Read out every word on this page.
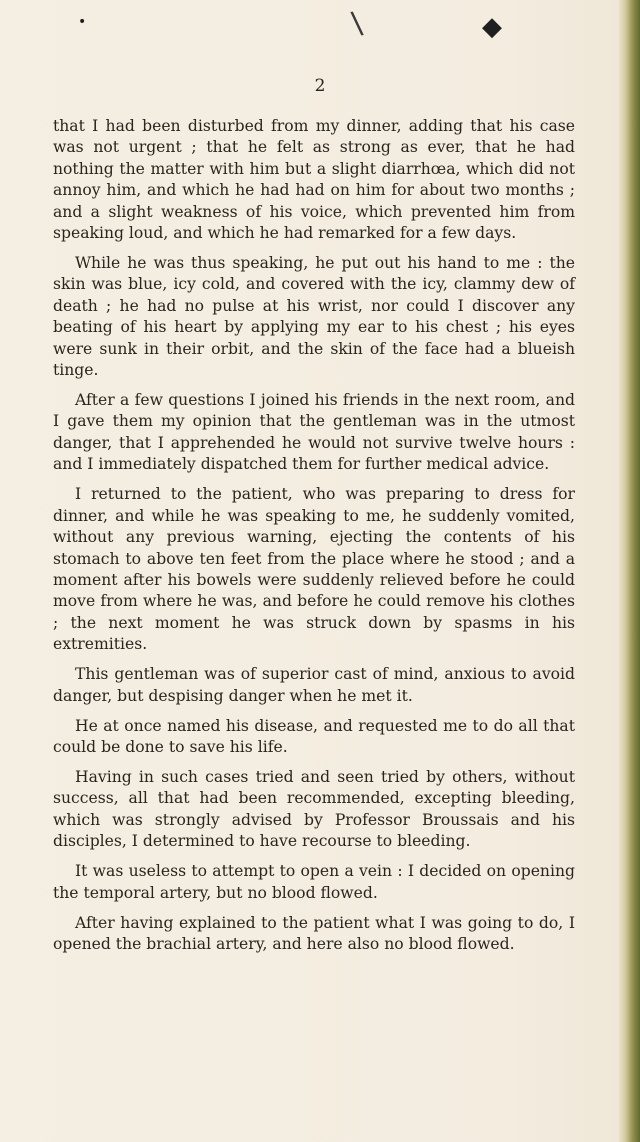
•	\	◆
2

that I had been disturbed from my dinner, adding that his case was not urgent ; that he felt as strong as ever, that he had nothing the matter with him but a slight diarrhœa, which did not annoy him, and which he had had on him for about two months ; and a slight weakness of his voice, which prevented him from speaking loud, and which he had remarked for a few days.

While he was thus speaking, he put out his hand to me : the skin was blue, icy cold, and covered with the icy, clammy dew of death ; he had no pulse at his wrist, nor could I discover any beating of his heart by applying my ear to his chest ; his eyes were sunk in their orbit, and the skin of the face had a blueish tinge.

After a few questions I joined his friends in the next room, and I gave them my opinion that the gentleman was in the utmost danger, that I apprehended he would not survive twelve hours : and I immediately dispatched them for further medical advice.

I returned to the patient, who was preparing to dress for dinner, and while he was speaking to me, he suddenly vomited, without any previous warning, ejecting the contents of his stomach to above ten feet from the place where he stood ; and a moment after his bowels were suddenly relieved before he could move from where he was, and before he could remove his clothes ; the next moment he was struck down by spasms in his extremities.

This gentleman was of superior cast of mind, anxious to avoid danger, but despising danger when he met it.

He at once named his disease, and requested me to do all that could be done to save his life.

Having in such cases tried and seen tried by others, without success, all that had been recommended, excepting bleeding, which was strongly advised by Professor Broussais and his disciples, I determined to have recourse to bleeding.

It was useless to attempt to open a vein : I decided on opening the temporal artery, but no blood flowed.

After having explained to the patient what I was going to do, I opened the brachial artery, and here also no blood flowed.
